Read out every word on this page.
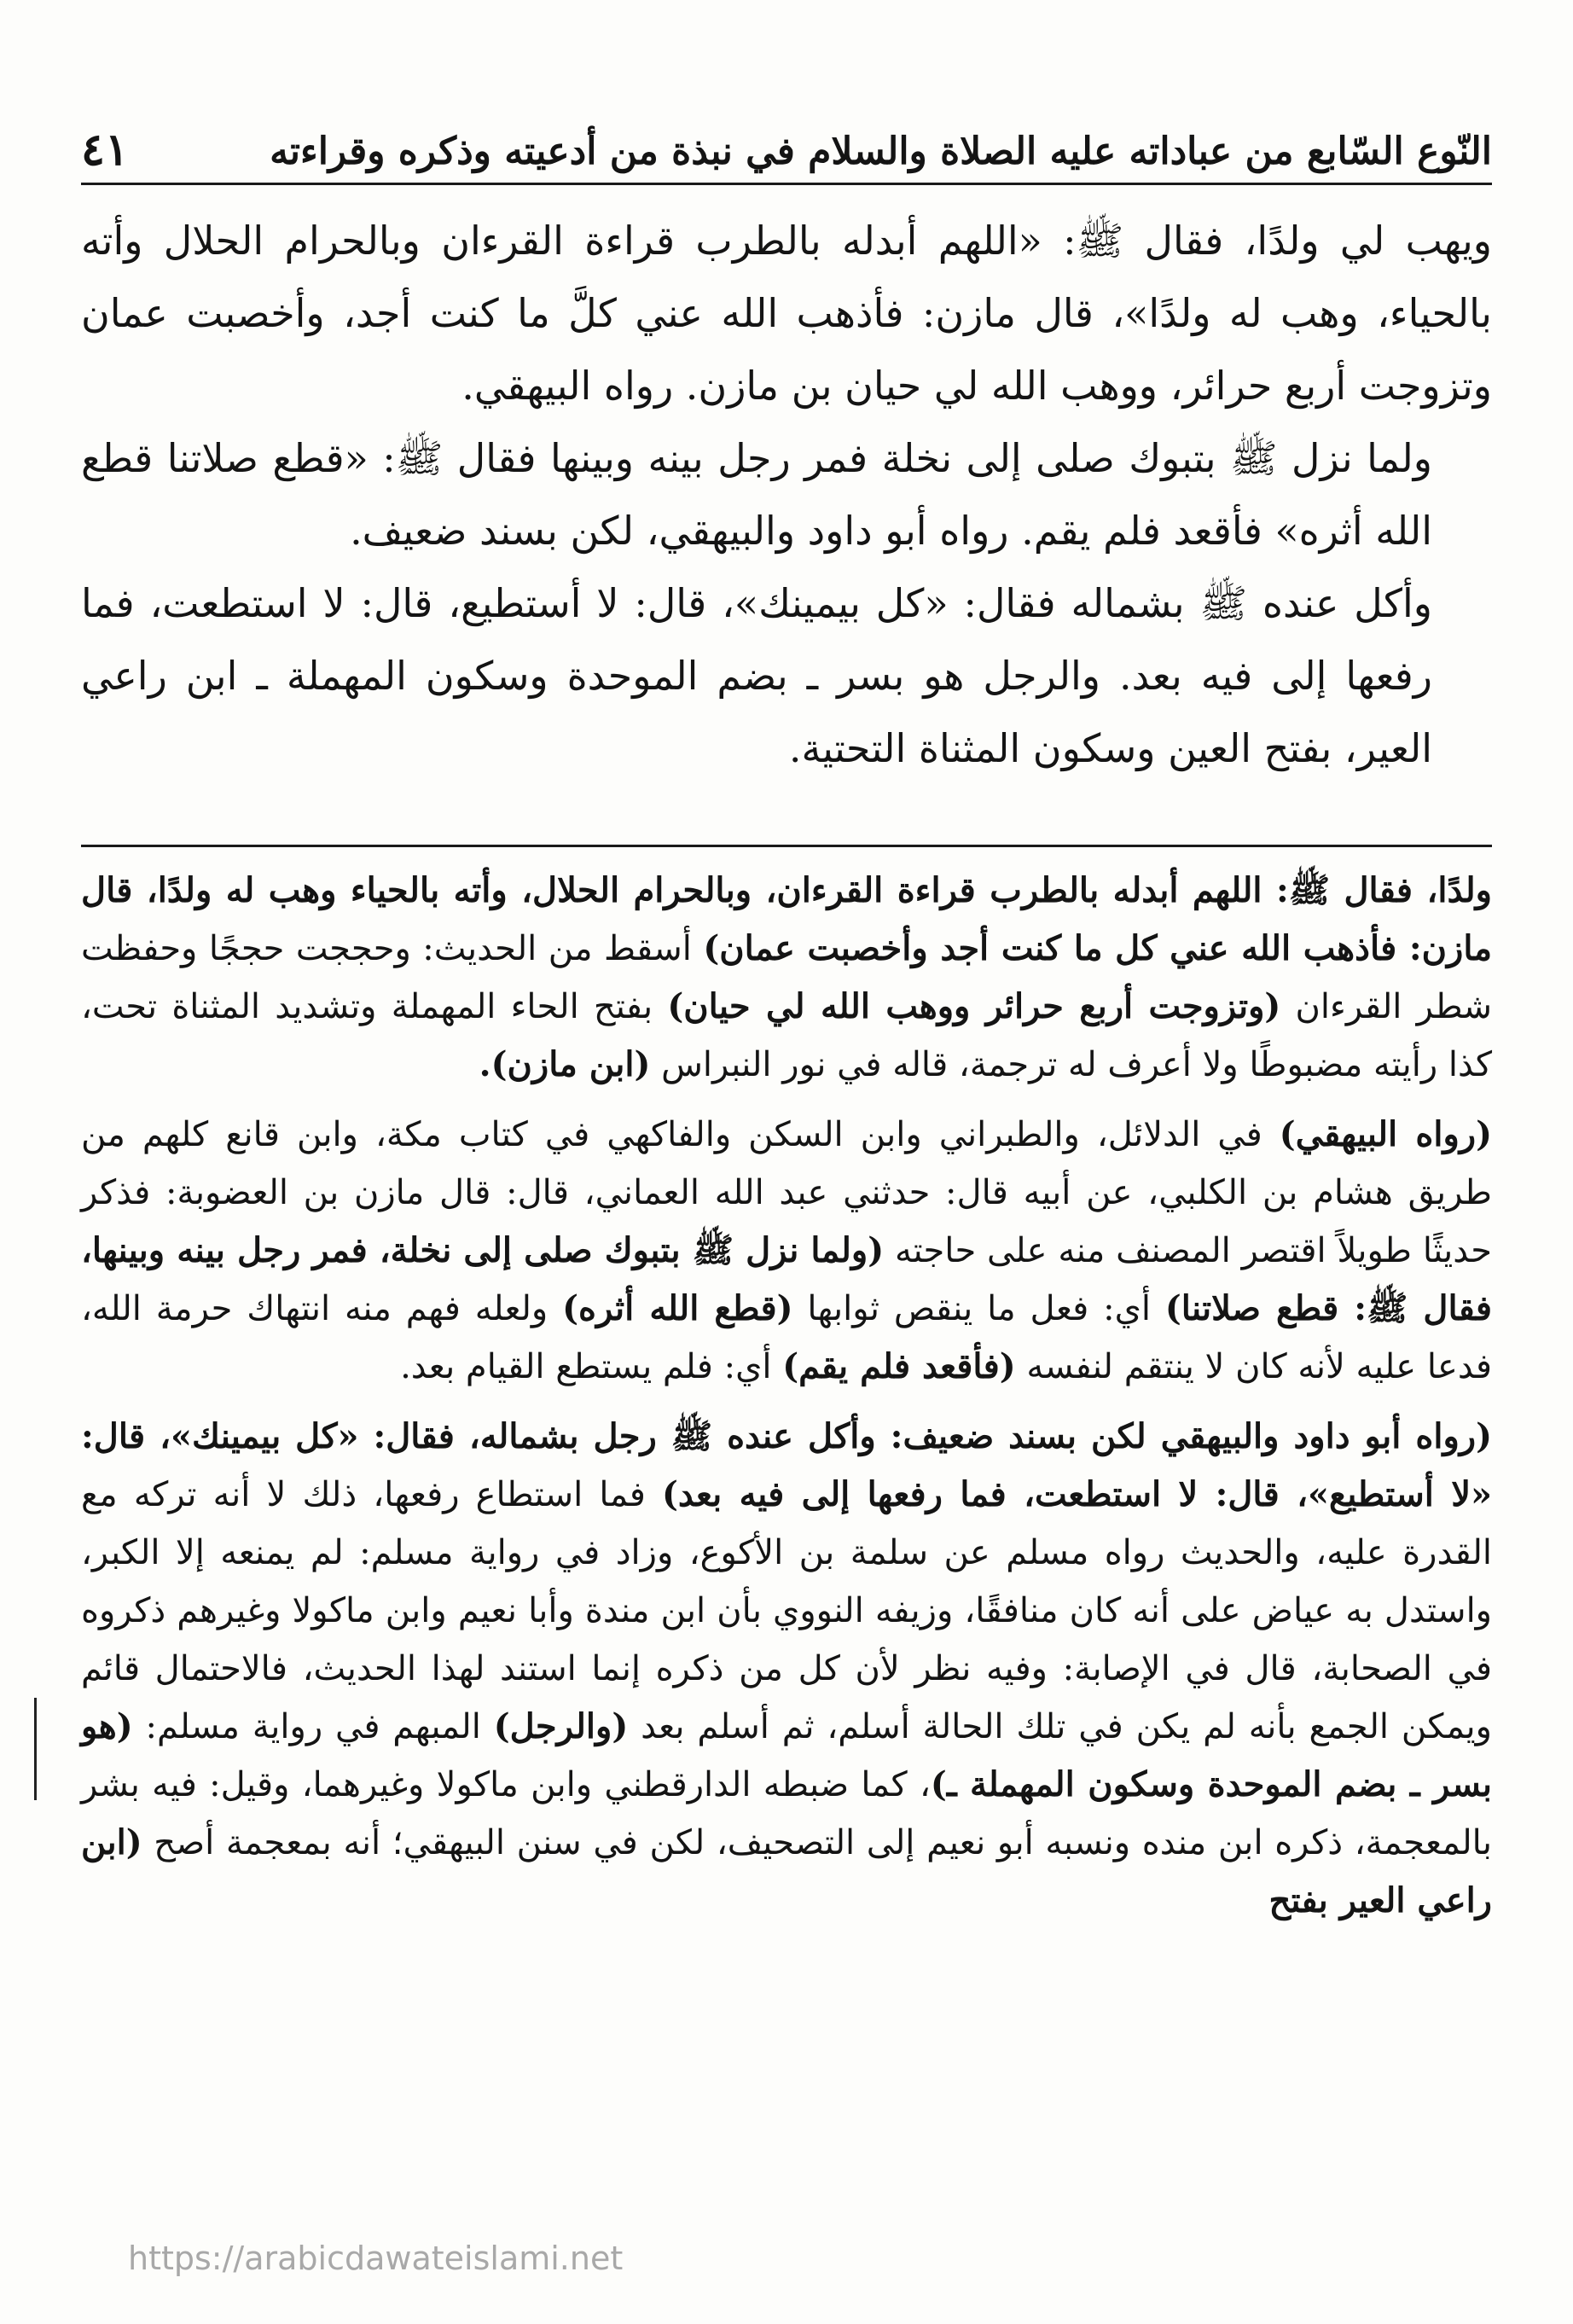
النّوع السّابع من عباداته عليه الصلاة والسلام في نبذة من أدعيته وذكره وقراءته
٤١

ويهب لي ولدًا، فقال ﷺ: «اللهم أبدله بالطرب قراءة القرءان وبالحرام الحلال وأته بالحياء، وهب له ولدًا»، قال مازن: فأذهب الله عني كلَّ ما كنت أجد، وأخصبت عمان وتزوجت أربع حرائر، ووهب الله لي حيان بن مازن. رواه البيهقي.

ولما نزل ﷺ بتبوك صلى إلى نخلة فمر رجل بينه وبينها فقال ﷺ: «قطع صلاتنا قطع الله أثره» فأقعد فلم يقم. رواه أبو داود والبيهقي، لكن بسند ضعيف.

وأكل عنده ﷺ بشماله فقال: «كل بيمينك»، قال: لا أستطيع، قال: لا استطعت، فما رفعها إلى فيه بعد. والرجل هو بسر ـ بضم الموحدة وسكون المهملة ـ ابن راعي العير، بفتح العين وسكون المثناة التحتية.

ولدًا، فقال ﷺ: اللهم أبدله بالطرب قراءة القرءان، وبالحرام الحلال، وأته بالحياء وهب له ولدًا، قال مازن: فأذهب الله عني كل ما كنت أجد وأخصبت عمان) أسقط من الحديث: وحججت حججًا وحفظت شطر القرءان (وتزوجت أربع حرائر ووهب الله لي حيان) بفتح الحاء المهملة وتشديد المثناة تحت، كذا رأيته مضبوطًا ولا أعرف له ترجمة، قاله في نور النبراس (ابن مازن).

(رواه البيهقي) في الدلائل، والطبراني وابن السكن والفاكهي في كتاب مكة، وابن قانع كلهم من طريق هشام بن الكلبي، عن أبيه قال: حدثني عبد الله العماني، قال: قال مازن بن العضوبة: فذكر حديثًا طويلاً اقتصر المصنف منه على حاجته (ولما نزل ﷺ بتبوك صلى إلى نخلة، فمر رجل بينه وبينها، فقال ﷺ: قطع صلاتنا) أي: فعل ما ينقص ثوابها (قطع الله أثره) ولعله فهم منه انتهاك حرمة الله، فدعا عليه لأنه كان لا ينتقم لنفسه (فأقعد فلم يقم) أي: فلم يستطع القيام بعد.

(رواه أبو داود والبيهقي لكن بسند ضعيف: وأكل عنده ﷺ رجل بشماله، فقال: «كل بيمينك»، قال: «لا أستطيع»، قال: لا استطعت، فما رفعها إلى فيه بعد) فما استطاع رفعها، ذلك لا أنه تركه مع القدرة عليه، والحديث رواه مسلم عن سلمة بن الأكوع، وزاد في رواية مسلم: لم يمنعه إلا الكبر، واستدل به عياض على أنه كان منافقًا، وزيفه النووي بأن ابن مندة وأبا نعيم وابن ماكولا وغيرهم ذكروه في الصحابة، قال في الإصابة: وفيه نظر لأن كل من ذكره إنما استند لهذا الحديث، فالاحتمال قائم ويمكن الجمع بأنه لم يكن في تلك الحالة أسلم، ثم أسلم بعد (والرجل) المبهم في رواية مسلم: (هو بسر ـ بضم الموحدة وسكون المهملة ـ)، كما ضبطه الدارقطني وابن ماكولا وغيرهما، وقيل: فيه بشر بالمعجمة، ذكره ابن منده ونسبه أبو نعيم إلى التصحيف، لكن في سنن البيهقي؛ أنه بمعجمة أصح (ابن راعي العير بفتح

https://arabicdawateislami.net
